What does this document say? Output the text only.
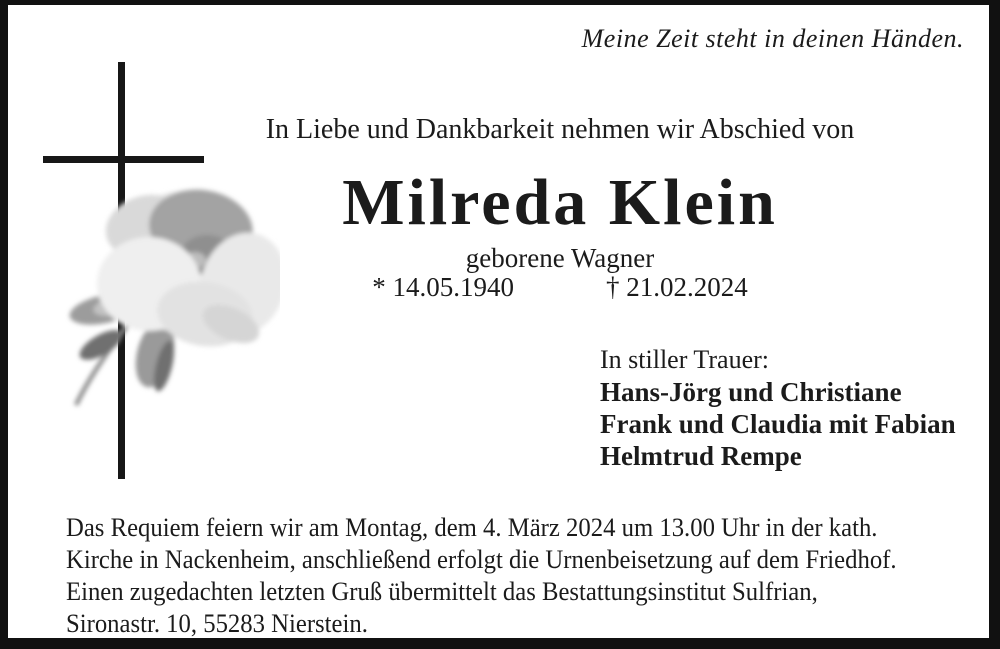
Meine Zeit steht in deinen Händen.
In Liebe und Dankbarkeit nehmen wir Abschied von
Milreda Klein
geborene Wagner
* 14.05.1940	† 21.02.2024
In stiller Trauer:
Hans-Jörg und Christiane
Frank und Claudia mit Fabian
Helmtrud Rempe
Das Requiem feiern wir am Montag, dem 4. März 2024 um 13.00 Uhr in der kath.
Kirche in Nackenheim, anschließend erfolgt die Urnenbeisetzung auf dem Friedhof.
Einen zugedachten letzten Gruß übermittelt das Bestattungsinstitut Sulfrian,
Sironastr. 10, 55283 Nierstein.
